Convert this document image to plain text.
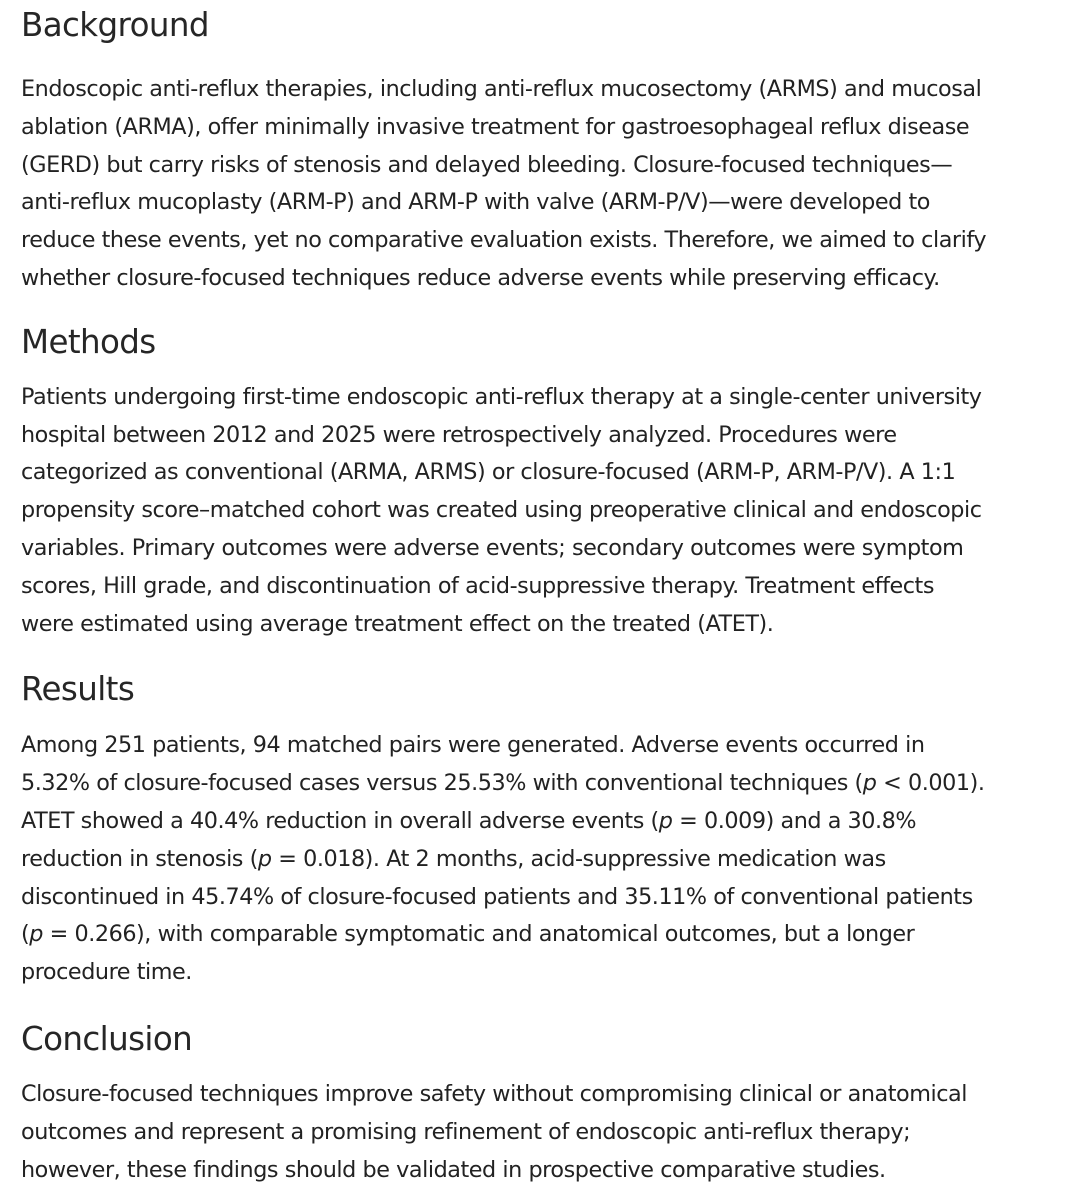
Background

Endoscopic anti-reflux therapies, including anti-reflux mucosectomy (ARMS) and mucosal
ablation (ARMA), offer minimally invasive treatment for gastroesophageal reflux disease
(GERD) but carry risks of stenosis and delayed bleeding. Closure-focused techniques—
anti-reflux mucoplasty (ARM-P) and ARM-P with valve (ARM-P/V)—were developed to
reduce these events, yet no comparative evaluation exists. Therefore, we aimed to clarify
whether closure-focused techniques reduce adverse events while preserving efficacy.

Methods

Patients undergoing first-time endoscopic anti-reflux therapy at a single-center university
hospital between 2012 and 2025 were retrospectively analyzed. Procedures were
categorized as conventional (ARMA, ARMS) or closure-focused (ARM-P, ARM-P/V). A 1:1
propensity score–matched cohort was created using preoperative clinical and endoscopic
variables. Primary outcomes were adverse events; secondary outcomes were symptom
scores, Hill grade, and discontinuation of acid-suppressive therapy. Treatment effects
were estimated using average treatment effect on the treated (ATET).

Results

Among 251 patients, 94 matched pairs were generated. Adverse events occurred in
5.32% of closure-focused cases versus 25.53% with conventional techniques (p < 0.001).
ATET showed a 40.4% reduction in overall adverse events (p = 0.009) and a 30.8%
reduction in stenosis (p = 0.018). At 2 months, acid-suppressive medication was
discontinued in 45.74% of closure-focused patients and 35.11% of conventional patients
(p = 0.266), with comparable symptomatic and anatomical outcomes, but a longer
procedure time.

Conclusion

Closure-focused techniques improve safety without compromising clinical or anatomical
outcomes and represent a promising refinement of endoscopic anti-reflux therapy;
however, these findings should be validated in prospective comparative studies.
